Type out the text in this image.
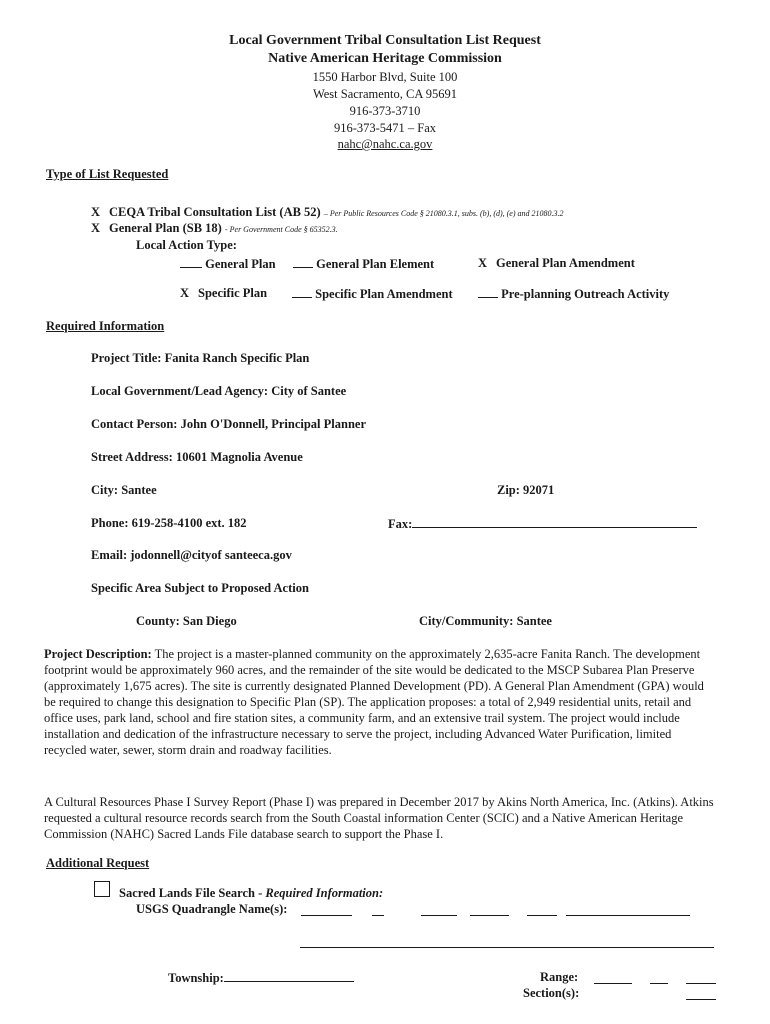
Local Government Tribal Consultation List Request
Native American Heritage Commission
1550 Harbor Blvd, Suite 100
West Sacramento, CA 95691
916-373-3710
916-373-5471 – Fax
nahc@nahc.ca.gov
Type of List Requested
X CEQA Tribal Consultation List (AB 52) – Per Public Resources Code § 21080.3.1, subs. (b), (d), (e) and 21080.3.2
X General Plan (SB 18) - Per Government Code § 65352.3.
Local Action Type:
General Plan	General Plan Element	X General Plan Amendment
X Specific Plan	Specific Plan Amendment	Pre-planning Outreach Activity
Required Information
Project Title: Fanita Ranch Specific Plan
Local Government/Lead Agency: City of Santee
Contact Person: John O'Donnell, Principal Planner
Street Address: 10601 Magnolia Avenue
City: Santee	Zip: 92071
Phone: 619-258-4100 ext. 182	Fax:
Email: jodonnell@cityof santeeca.gov
Specific Area Subject to Proposed Action
County: San Diego	City/Community: Santee
Project Description: The project is a master-planned community on the approximately 2,635-acre Fanita Ranch. The development footprint would be approximately 960 acres, and the remainder of the site would be dedicated to the MSCP Subarea Plan Preserve (approximately 1,675 acres). The site is currently designated Planned Development (PD). A General Plan Amendment (GPA) would be required to change this designation to Specific Plan (SP). The application proposes: a total of 2,949 residential units, retail and office uses, park land, school and fire station sites, a community farm, and an extensive trail system. The project would include installation and dedication of the infrastructure necessary to serve the project, including Advanced Water Purification, limited recycled water, sewer, storm drain and roadway facilities.
A Cultural Resources Phase I Survey Report (Phase I) was prepared in December 2017 by Akins North America, Inc. (Atkins). Atkins requested a cultural resource records search from the South Coastal information Center (SCIC) and a Native American Heritage Commission (NAHC) Sacred Lands File database search to support the Phase I.
Additional Request
Sacred Lands File Search - Required Information:
USGS Quadrangle Name(s):
Township:	Range:
Section(s):
